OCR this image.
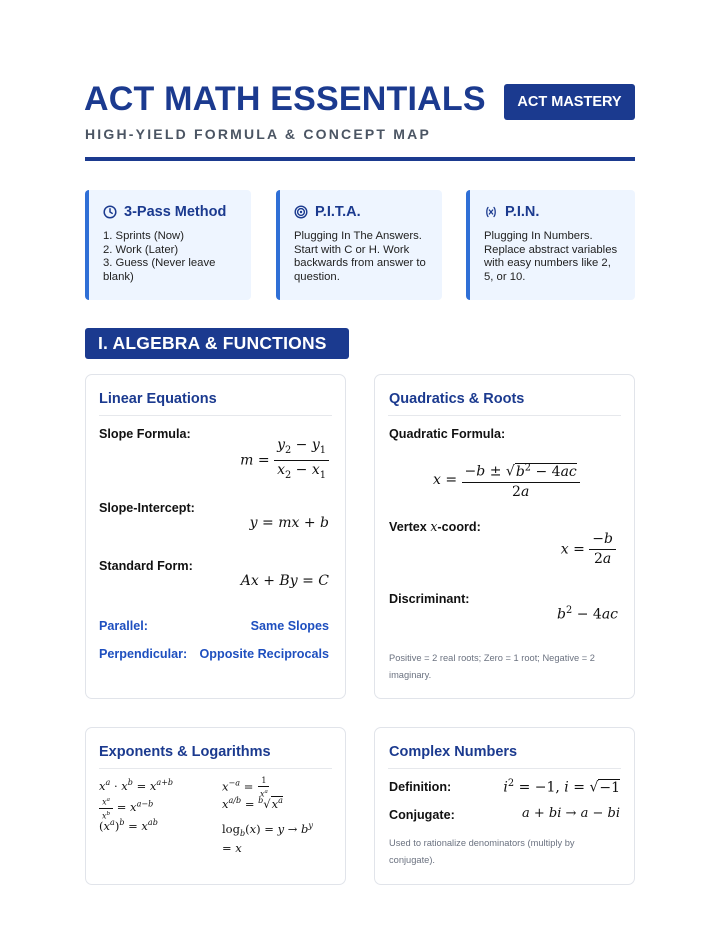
ACT MATH ESSENTIALS
HIGH-YIELD FORMULA & CONCEPT MAP
ACT MASTERY
3-Pass Method
1. Sprints (Now)
2. Work (Later)
3. Guess (Never leave
blank)
P.I.T.A.
Plugging In The Answers.
Start with C or H. Work
backwards from answer to
question.
P.I.N.
Plugging In Numbers.
Replace abstract variables
with easy numbers like 2,
5, or 10.
I. ALGEBRA & FUNCTIONS
Linear Equations
Slope Formula:
$m = \frac{y_2 - y_1}{x_2 - x_1}$
Slope-Intercept:
y = mx + b
Standard Form:
Ax + By = C
Parallel:	Same Slopes
Perpendicular: Opposite Reciprocals
Quadratics & Roots
Quadratic Formula:
$x = \frac{-b \pm √b^2 - 4ac}{2a}$
Vertex x-coord:
$x = \frac{-b}{2a}$
Discriminant:
$b^2 - 4ac$
Positive = 2 real roots; Zero = 1 root; Negative = 2 imaginary.
Exponents & Logarithms
$x^a \cdot x^b = x^{a+b}$
$\frac{x^a}{x^b} = x^{a-b}$
$(x^a)^b = x^{ab}$
$x^{-a} = \frac{1}{x^a}$
$x^{a/b} = ^b√x^a$
$\log_b(x) = y \to b^y$
= x
Complex Numbers
Definition:	$i^2 = -1$, i = √−1
Conjugate:	a + bi → a − bi
Used to rationalize denominators (multiply by conjugate).
